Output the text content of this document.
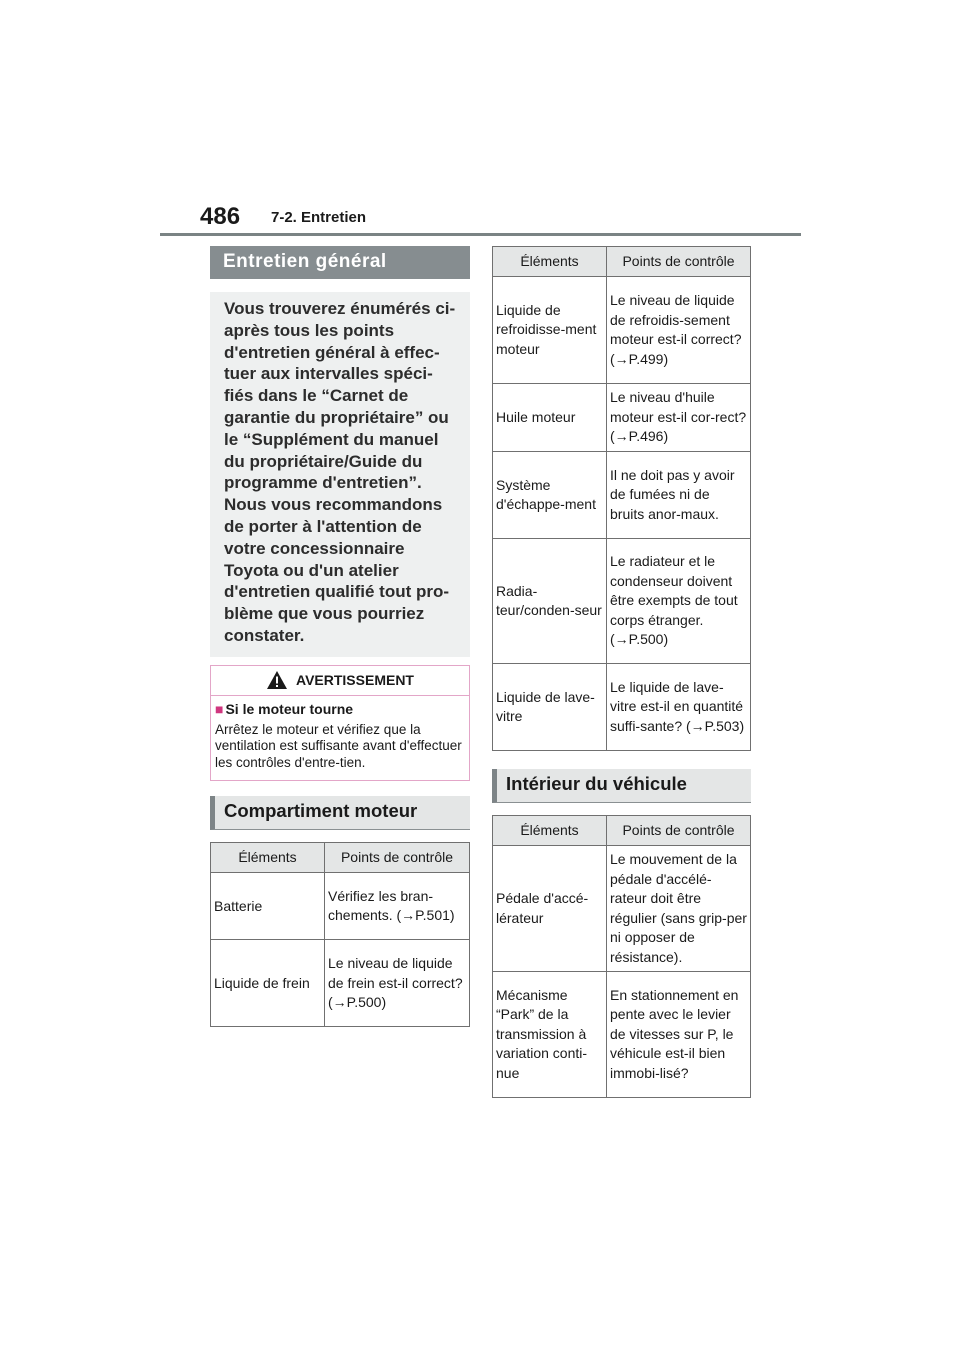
486 7-2. Entretien
Entretien général
Vous trouverez énumérés ci-après tous les points d'entretien général à effec-tuer aux intervalles spéci-fiés dans le “Carnet de garantie du propriétaire” ou le “Supplément du manuel du propriétaire/Guide du programme d'entretien”. Nous vous recommandons de porter à l'attention de votre concessionnaire Toyota ou d'un atelier d'entretien qualifié tout pro-blème que vous pourriez constater.
AVERTISSEMENT
■ Si le moteur tourne
Arrêtez le moteur et vérifiez que la ventilation est suffisante avant d'effectuer les contrôles d'entre-tien.
Compartiment moteur
Éléments	Points de contrôle
Batterie	Vérifiez les bran-chements. (→P.501)
Liquide de frein	Le niveau de liquide de frein est-il correct? (→P.500)
Éléments	Points de contrôle
Liquide de refroidisse-ment moteur	Le niveau de liquide de refroidis-sement moteur est-il correct? (→P.499)
Huile moteur	Le niveau d'huile moteur est-il cor-rect? (→P.496)
Système d'échappe-ment	Il ne doit pas y avoir de fumées ni de bruits anor-maux.
Radia-teur/conden-seur	Le radiateur et le condenseur doivent être exempts de tout corps étranger. (→P.500)
Liquide de lave-vitre	Le liquide de lave-vitre est-il en quantité suffi-sante? (→P.503)
Intérieur du véhicule
Éléments	Points de contrôle
Pédale d'accé-lérateur	Le mouvement de la pédale d'accélé-rateur doit être régulier (sans grip-per ni opposer de résistance).
Mécanisme “Park” de la transmission à variation conti-nue	En stationnement en pente avec le levier de vitesses sur P, le véhicule est-il bien immobi-lisé?
